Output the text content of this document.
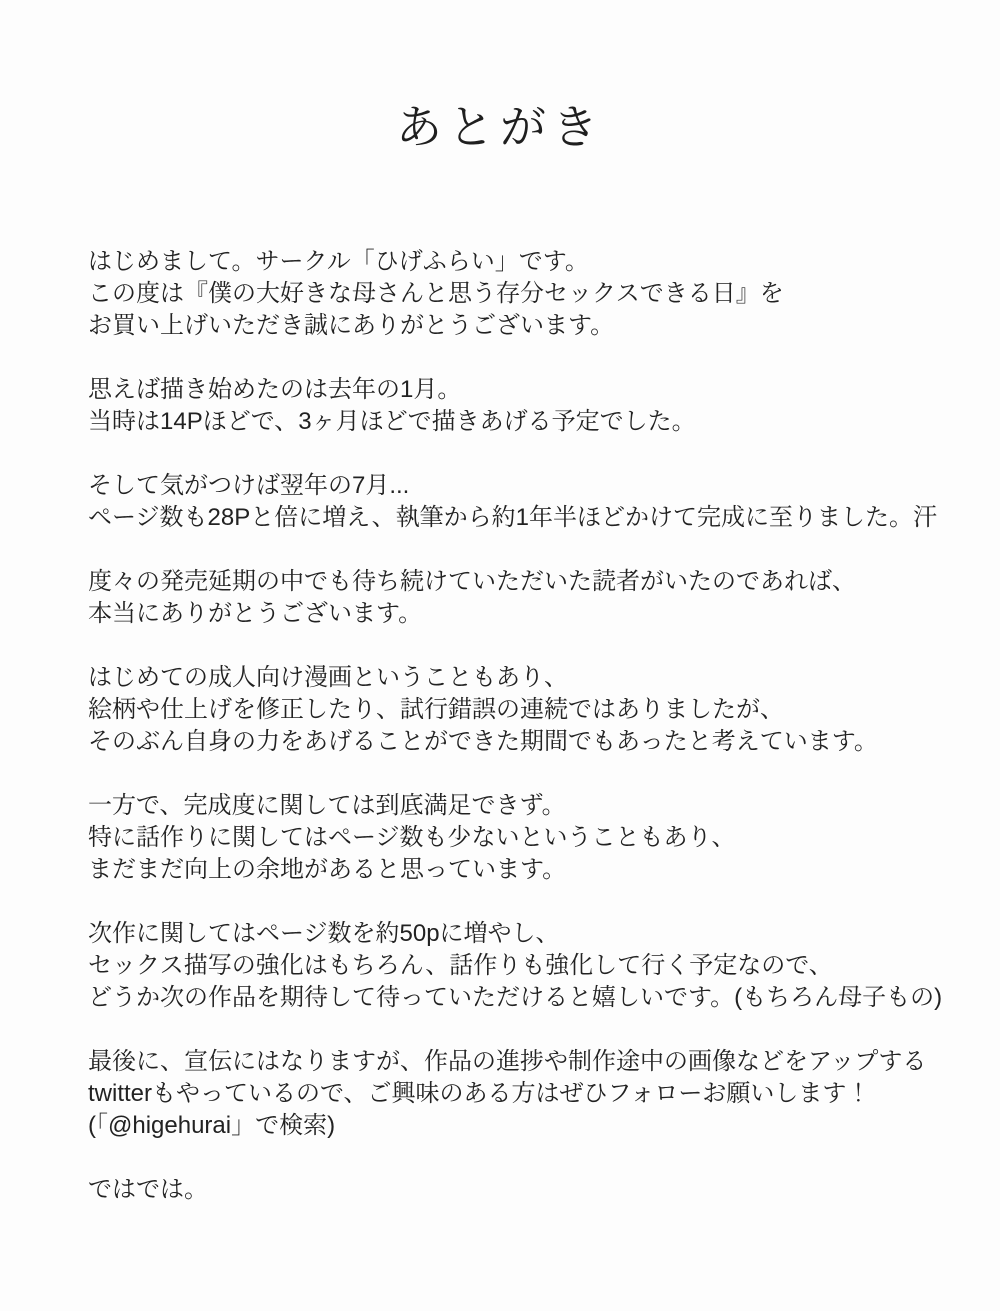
あとがき

はじめまして。サークル「ひげふらい」です。
この度は『僕の大好きな母さんと思う存分セックスできる日』を
お買い上げいただき誠にありがとうございます。

思えば描き始めたのは去年の1月。
当時は14Pほどで、3ヶ月ほどで描きあげる予定でした。

そして気がつけば翌年の7月...
ページ数も28Pと倍に増え、執筆から約1年半ほどかけて完成に至りました。汗

度々の発売延期の中でも待ち続けていただいた読者がいたのであれば、
本当にありがとうございます。

はじめての成人向け漫画ということもあり、
絵柄や仕上げを修正したり、試行錯誤の連続ではありましたが、
そのぶん自身の力をあげることができた期間でもあったと考えています。

一方で、完成度に関しては到底満足できず。
特に話作りに関してはページ数も少ないということもあり、
まだまだ向上の余地があると思っています。

次作に関してはページ数を約50pに増やし、
セックス描写の強化はもちろん、話作りも強化して行く予定なので、
どうか次の作品を期待して待っていただけると嬉しいです。(もちろん母子もの)

最後に、宣伝にはなりますが、作品の進捗や制作途中の画像などをアップする
twitterもやっているので、ご興味のある方はぜひフォローお願いします！
(「@higehurai」で検索)

ではでは。
